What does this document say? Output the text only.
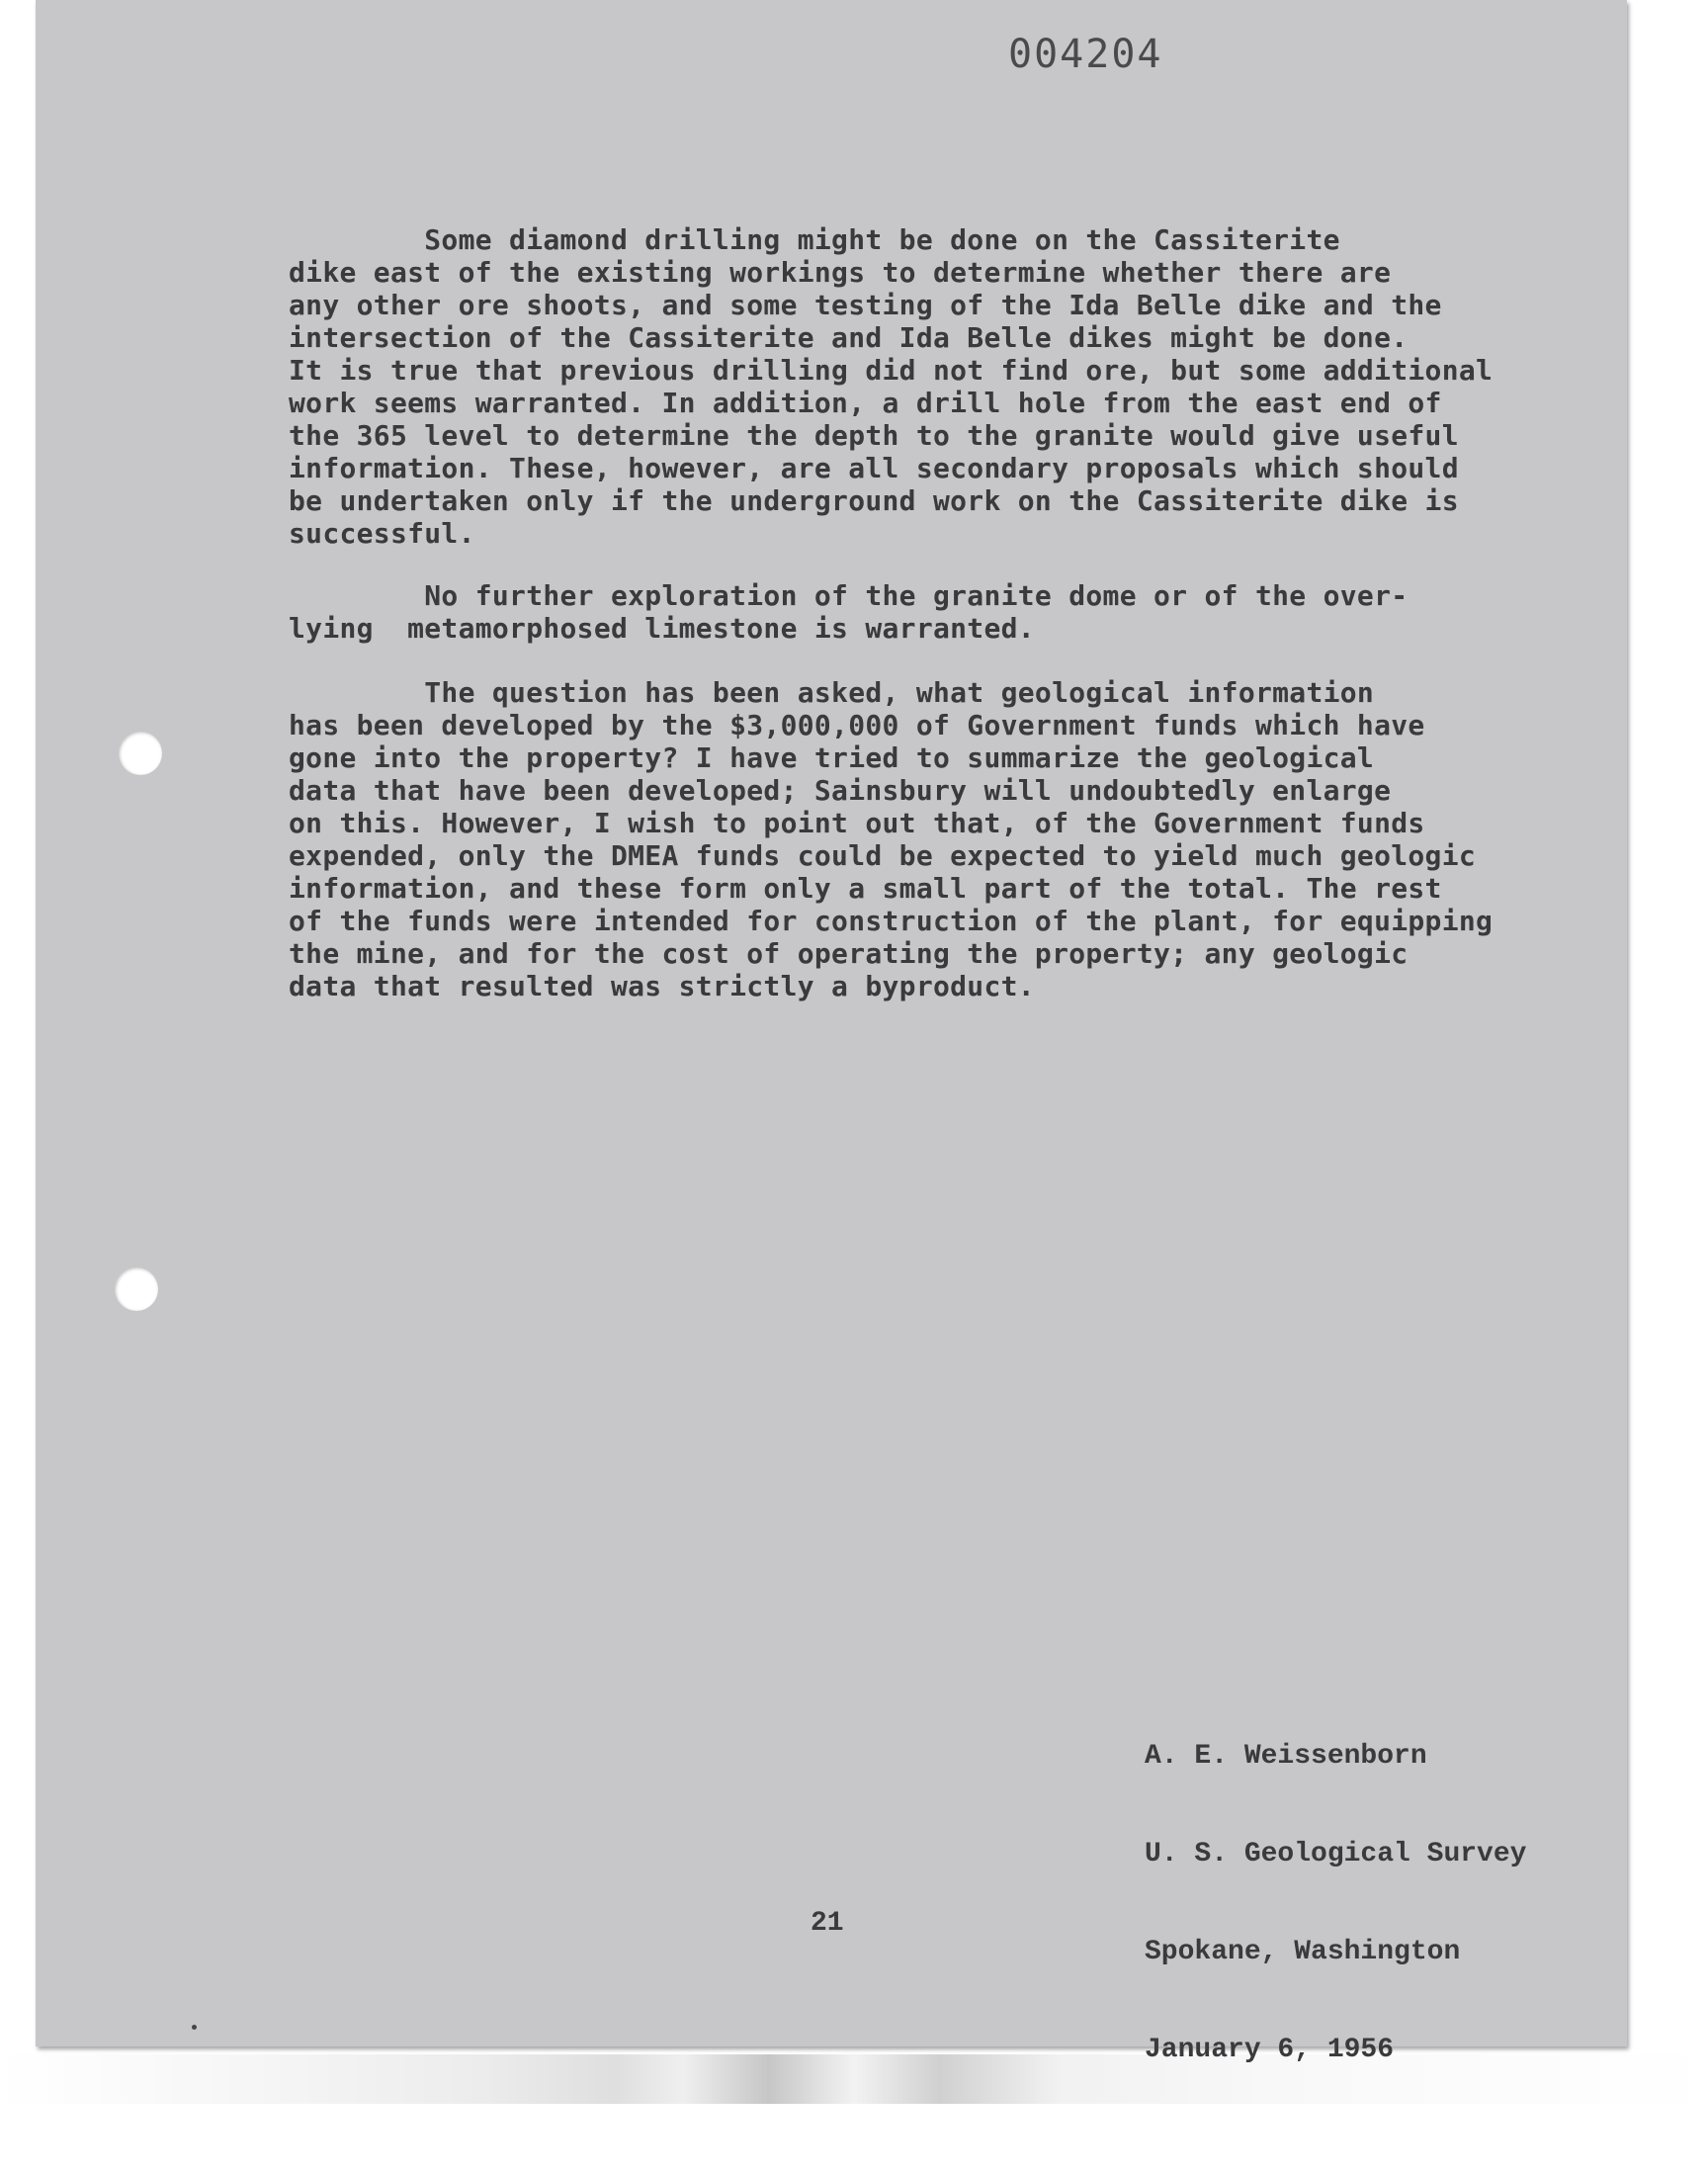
004204
Some diamond drilling might be done on the Cassiterite
dike east of the existing workings to determine whether there are
any other ore shoots, and some testing of the Ida Belle dike and the
intersection of the Cassiterite and Ida Belle dikes might be done.
It is true that previous drilling did not find ore, but some additional
work seems warranted. In addition, a drill hole from the east end of
the 365 level to determine the depth to the granite would give useful
information. These, however, are all secondary proposals which should
be undertaken only if the underground work on the Cassiterite dike is
successful.
No further exploration of the granite dome or of the over-
lying  metamorphosed limestone is warranted.
The question has been asked, what geological information
has been developed by the $3,000,000 of Government funds which have
gone into the property? I have tried to summarize the geological
data that have been developed; Sainsbury will undoubtedly enlarge
on this. However, I wish to point out that, of the Government funds
expended, only the DMEA funds could be expected to yield much geologic
information, and these form only a small part of the total. The rest
of the funds were intended for construction of the plant, for equipping
the mine, and for the cost of operating the property; any geologic
data that resulted was strictly a byproduct.

A. E. Weissenborn

U. S. Geological Survey

Spokane, Washington

January 6, 1956

21
